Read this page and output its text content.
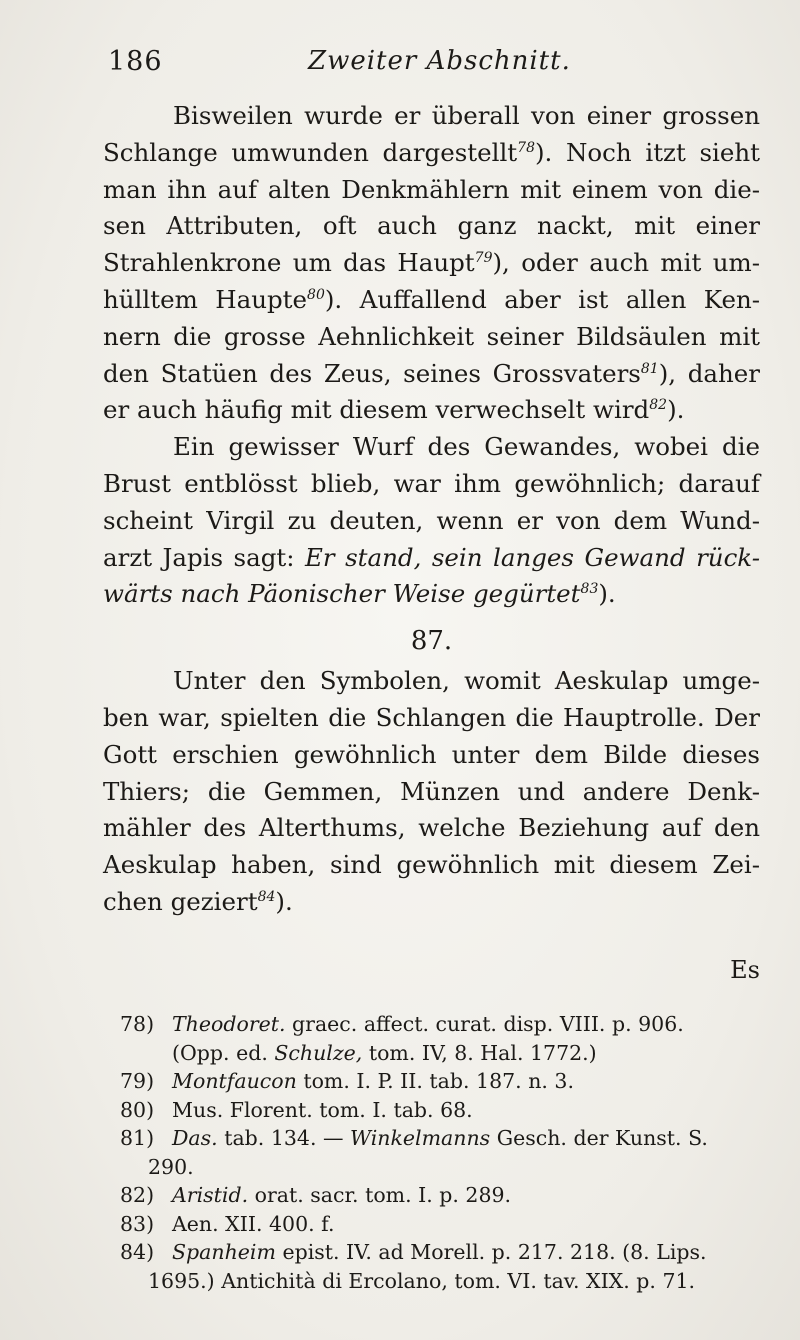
186	Zweiter Abschnitt.
Bisweilen wurde er überall von einer grossen
Schlange umwunden dargestellt$^{78}$). Noch itzt sieht
man ihn auf alten Denkmählern mit einem von die-
sen Attributen, oft auch ganz nackt, mit einer
Strahlenkrone um das Haupt$^{79}$), oder auch mit um-
hülltem Haupte$^{80}$). Auffallend aber ist allen Ken-
nern die grosse Aehnlichkeit seiner Bildsäulen mit
den Statüen des Zeus, seines Grossvaters$^{81}$), daher
er auch häufig mit diesem verwechselt wird$^{82}$).
Ein gewisser Wurf des Gewandes, wobei die
Brust entblösst blieb, war ihm gewöhnlich; darauf
scheint Virgil zu deuten, wenn er von dem Wund-
arzt Japis sagt: Er stand, sein langes Gewand rück-
wärts nach Päonischer Weise gegürtet$^{83}$).
87.
Unter den Symbolen, womit Aeskulap umge-
ben war, spielten die Schlangen die Hauptrolle. Der
Gott erschien gewöhnlich unter dem Bilde dieses
Thiers; die Gemmen, Münzen und andere Denk-
mähler des Alterthums, welche Beziehung auf den
Aeskulap haben, sind gewöhnlich mit diesem Zei-
chen geziert$^{84}$).
Es
78) Theodoret. graec. affect. curat. disp. VIII. p. 906.
(Opp. ed. Schulze, tom. IV, 8. Hal. 1772.)
79) Montfaucon tom. I. P. II. tab. 187. n. 3.
80) Mus. Florent. tom. I. tab. 68.
81) Das. tab. 134. — Winkelmanns Gesch. der Kunst. S.
290.
82) Aristid. orat. sacr. tom. I. p. 289.
83) Aen. XII. 400. f.
84) Spanheim epist. IV. ad Morell. p. 217. 218. (8. Lips.
1695.) Antichità di Ercolano, tom. VI. tav. XIX. p. 71.
